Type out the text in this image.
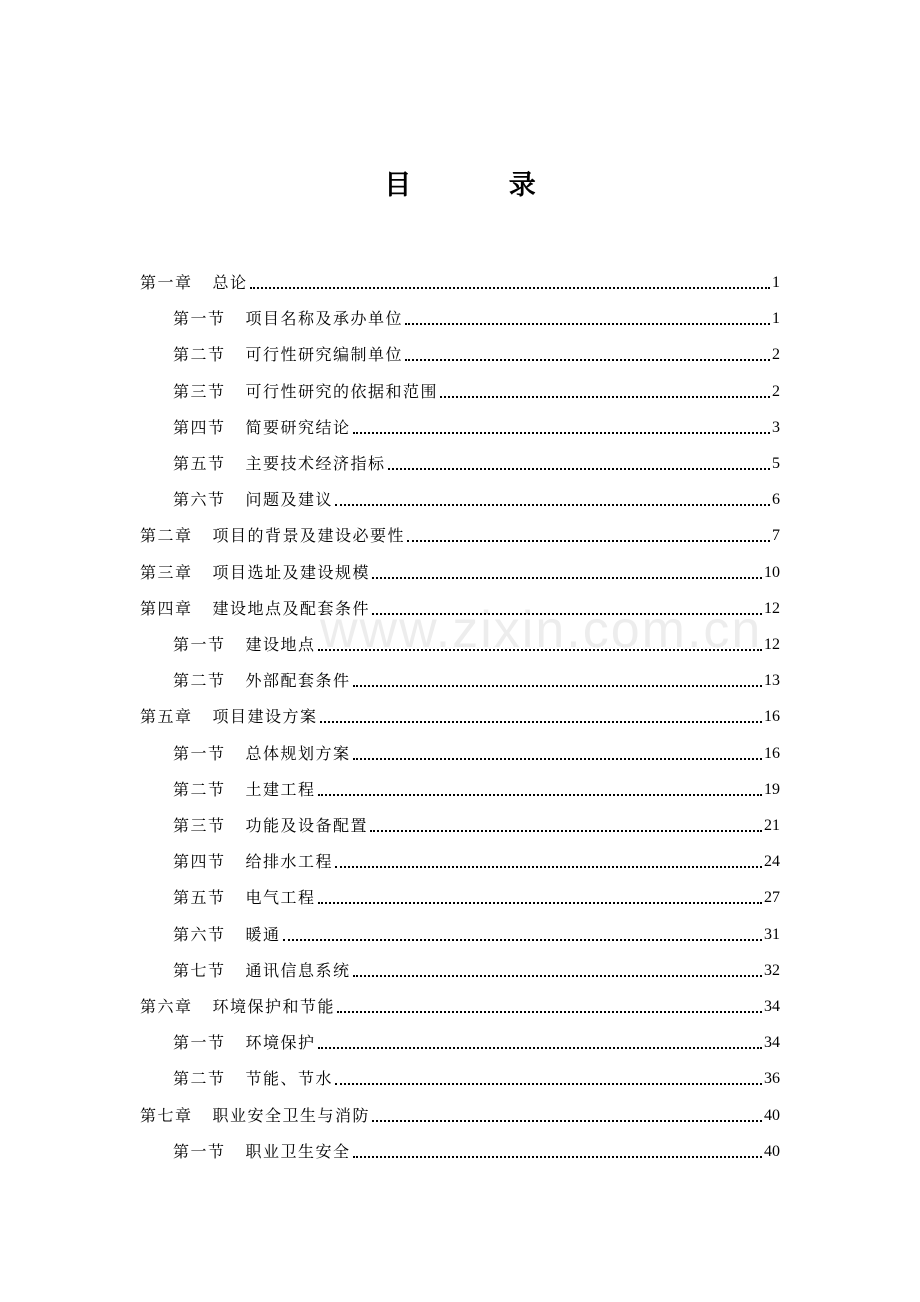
目 录
www.zixin.com.cn
第一章 总论	1
第一节 项目名称及承办单位	1
第二节 可行性研究编制单位	2
第三节 可行性研究的依据和范围	2
第四节 简要研究结论	3
第五节 主要技术经济指标	5
第六节 问题及建议	6
第二章 项目的背景及建设必要性	7
第三章 项目选址及建设规模	10
第四章 建设地点及配套条件	12
第一节 建设地点	12
第二节 外部配套条件	13
第五章 项目建设方案	16
第一节 总体规划方案	16
第二节 土建工程	19
第三节 功能及设备配置	21
第四节 给排水工程	24
第五节 电气工程	27
第六节 暖通	31
第七节 通讯信息系统	32
第六章 环境保护和节能	34
第一节 环境保护	34
第二节 节能、节水	36
第七章 职业安全卫生与消防	40
第一节 职业卫生安全	40
